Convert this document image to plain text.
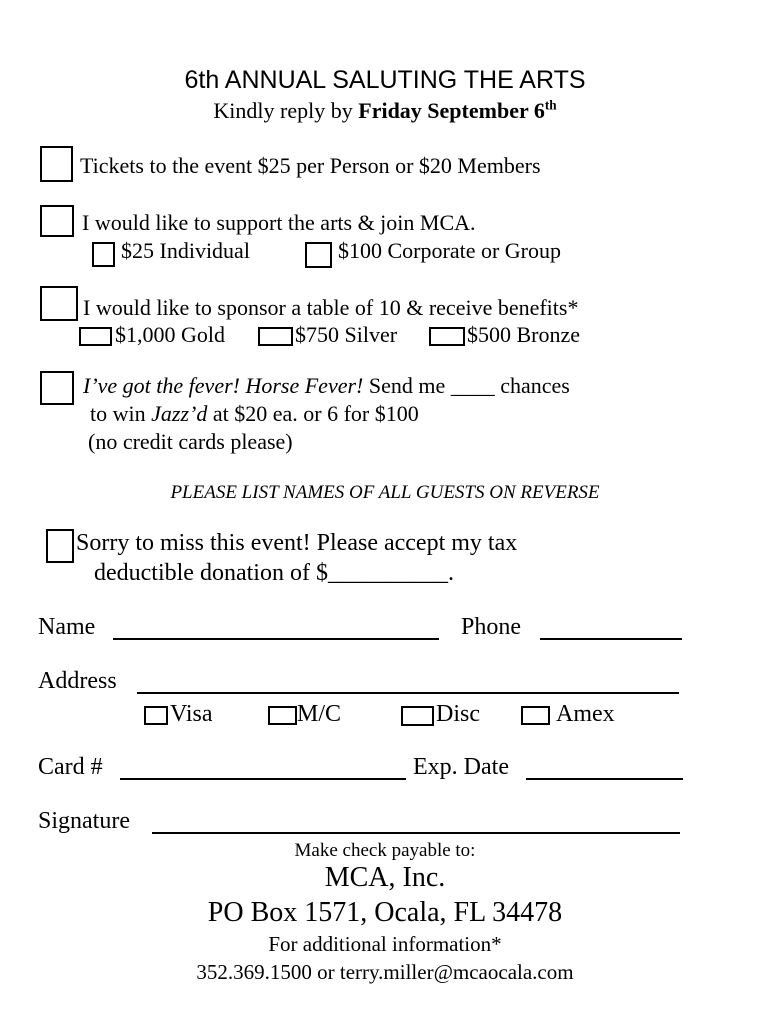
6th ANNUAL SALUTING THE ARTS
Kindly reply by Friday September 6th
Tickets to the event $25 per Person or $20 Members
I would like to support the arts & join MCA.
$25 Individual	$100 Corporate or Group
I would like to sponsor a table of 10 & receive benefits*
$1,000 Gold	$750 Silver	$500 Bronze
I’ve got the fever! Horse Fever! Send me ____ chances
to win Jazz’d at $20 ea. or 6 for $100
(no credit cards please)
PLEASE LIST NAMES OF ALL GUESTS ON REVERSE
Sorry to miss this event! Please accept my tax
deductible donation of $__________.
Name	Phone
Address
Visa	M/C	Disc	Amex
Card #	Exp. Date
Signature
Make check payable to:
MCA, Inc.
PO Box 1571, Ocala, FL 34478
For additional information*
352.369.1500 or terry.miller@mcaocala.com
